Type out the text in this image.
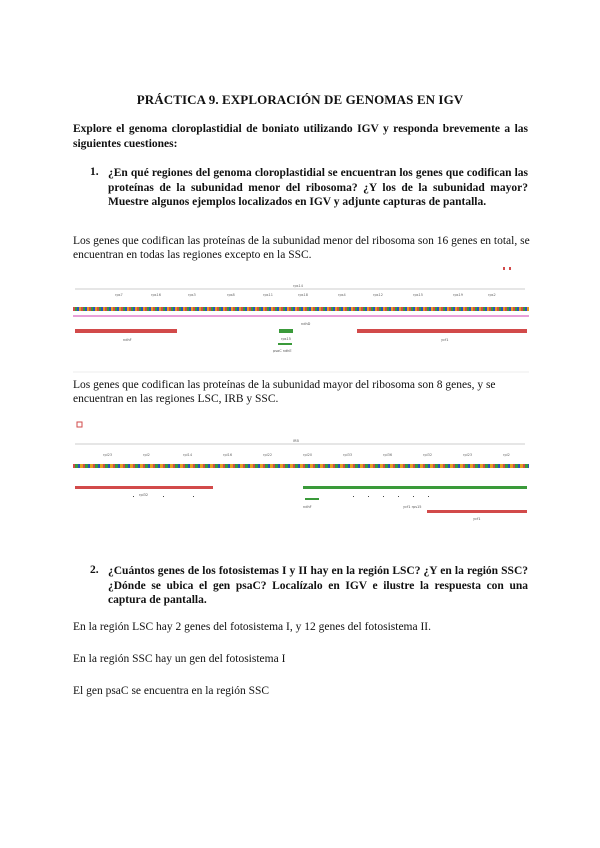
PRÁCTICA 9. EXPLORACIÓN DE GENOMAS EN IGV
Explore el genoma cloroplastidial de boniato utilizando IGV y responda brevemente a las siguientes cuestiones:
1. ¿En qué regiones del genoma cloroplastidial se encuentran los genes que codifican las proteínas de la subunidad menor del ribosoma? ¿Y los de la subunidad mayor? Muestre algunos ejemplos localizados en IGV y adjunte capturas de pantalla.
Los genes que codifican las proteínas de la subunidad menor del ribosoma son 16 genes en total, se encuentran en todas las regiones excepto en la SSC.
rps7	rps16	rps3	rps8	rps11	rps18	rps4	rps12	rps15	rps19	rps2
rps14
ndhF	rps15	ycf1
psaC ndhE
ndhD
Los genes que codifican las proteínas de la subunidad mayor del ribosoma son 8 genes, y se encuentran en las regiones LSC, IRB y SSC.
rpl23	rpl2	rpl14	rpl16	rpl22	rpl20	rpl33	rpl36	rpl32	rpl23	rpl2
IRB
rpl32
ndhF	ycf1 rps15
ycf1
2. ¿Cuántos genes de los fotosistemas I y II hay en la región LSC? ¿Y en la región SSC?¿Dónde se ubica el gen psaC? Localízalo en IGV e ilustre la respuesta con una captura de pantalla.
En la región LSC hay 2 genes del fotosistema I, y 12 genes del fotosistema II.
En la región SSC hay un gen del fotosistema I
El gen psaC se encuentra en la región SSC
